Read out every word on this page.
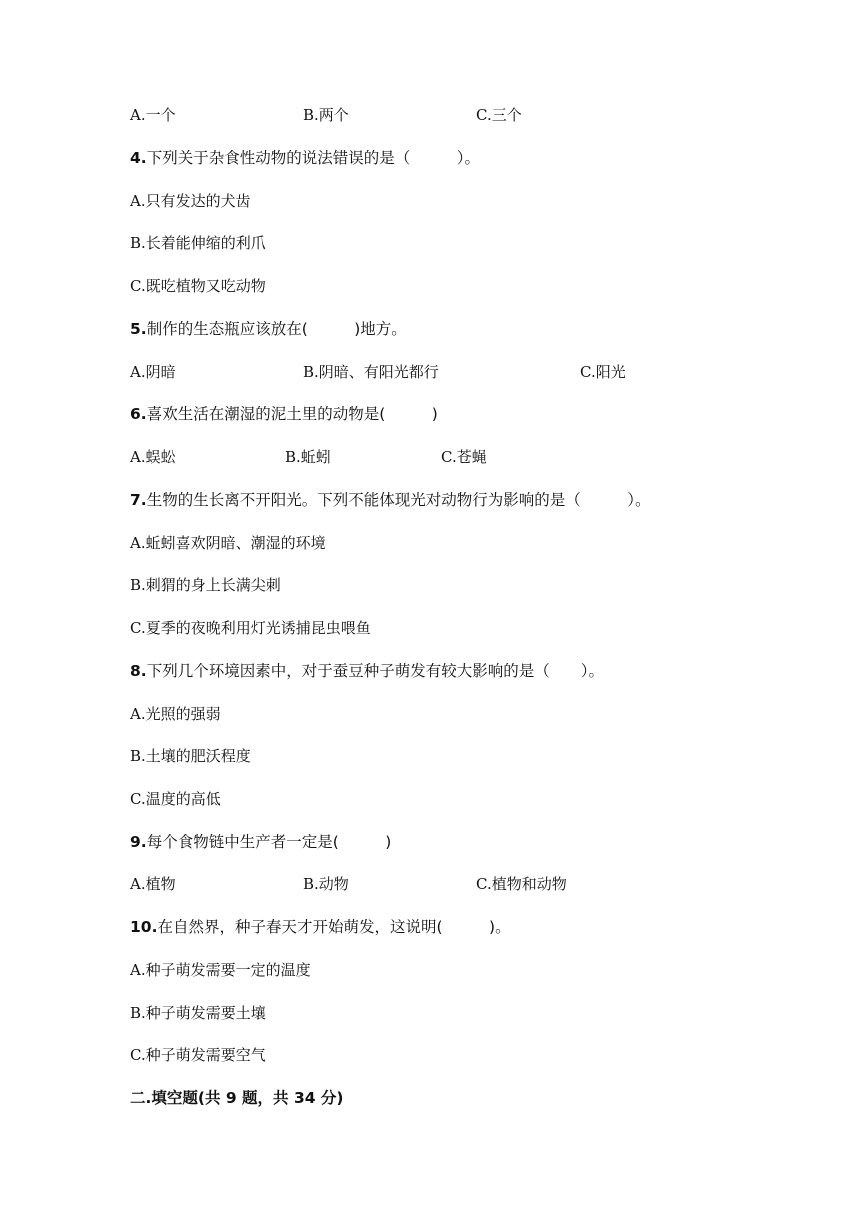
A.一个	B.两个	C.三个
4.下列关于杂食性动物的说法错误的是（　　　）。
A.只有发达的犬齿
B.长着能伸缩的利爪
C.既吃植物又吃动物
5.制作的生态瓶应该放在(　　　)地方。
A.阴暗	B.阴暗、有阳光都行	C.阳光
6.喜欢生活在潮湿的泥土里的动物是(　　　)
A.蜈蚣	B.蚯蚓	C.苍蝇
7.生物的生长离不开阳光。下列不能体现光对动物行为影响的是（　　　）。
A.蚯蚓喜欢阴暗、潮湿的环境
B.刺猬的身上长满尖刺
C.夏季的夜晚利用灯光诱捕昆虫喂鱼
8.下列几个环境因素中，对于蚕豆种子萌发有较大影响的是（　　）。
A.光照的强弱
B.土壤的肥沃程度
C.温度的高低
9.每个食物链中生产者一定是(　　　)
A.植物	B.动物	C.植物和动物
10.在自然界，种子春天才开始萌发，这说明(　　　)。
A.种子萌发需要一定的温度
B.种子萌发需要土壤
C.种子萌发需要空气
二.填空题(共 9 题，共 34 分)
